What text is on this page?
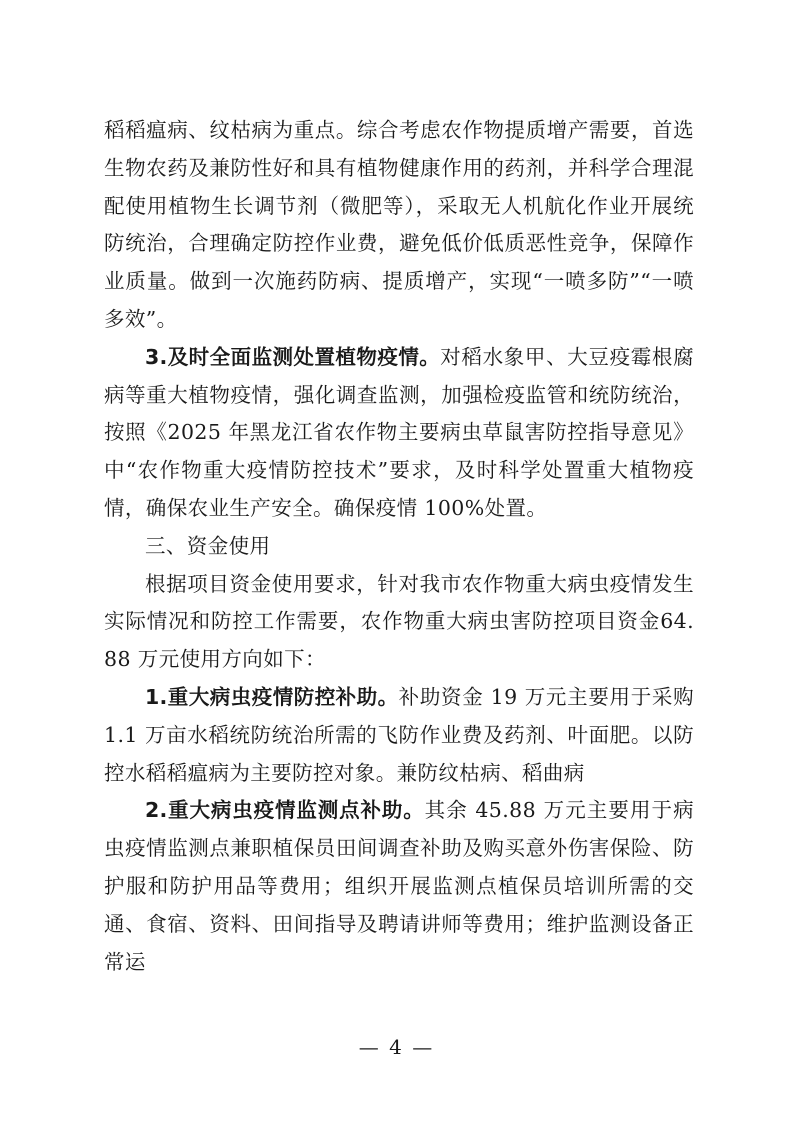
稻稻瘟病、纹枯病为重点。综合考虑农作物提质增产需要，首选生物农药及兼防性好和具有植物健康作用的药剂，并科学合理混配使用植物生长调节剂（微肥等），采取无人机航化作业开展统防统治，合理确定防控作业费，避免低价低质恶性竞争，保障作业质量。做到一次施药防病、提质增产，实现“一喷多防”“一喷多效”。

3.及时全面监测处置植物疫情。对稻水象甲、大豆疫霉根腐病等重大植物疫情，强化调查监测，加强检疫监管和统防统治，按照《2025 年黑龙江省农作物主要病虫草鼠害防控指导意见》中“农作物重大疫情防控技术”要求，及时科学处置重大植物疫情，确保农业生产安全。确保疫情 100%处置。

三、资金使用

根据项目资金使用要求，针对我市农作物重大病虫疫情发生实际情况和防控工作需要，农作物重大病虫害防控项目资金64.88 万元使用方向如下：

1.重大病虫疫情防控补助。补助资金 19 万元主要用于采购1.1 万亩水稻统防统治所需的飞防作业费及药剂、叶面肥。以防控水稻稻瘟病为主要防控对象。兼防纹枯病、稻曲病

2.重大病虫疫情监测点补助。其余 45.88 万元主要用于病虫疫情监测点兼职植保员田间调查补助及购买意外伤害保险、防护服和防护用品等费用；组织开展监测点植保员培训所需的交通、食宿、资料、田间指导及聘请讲师等费用；维护监测设备正常运

— 4 —
